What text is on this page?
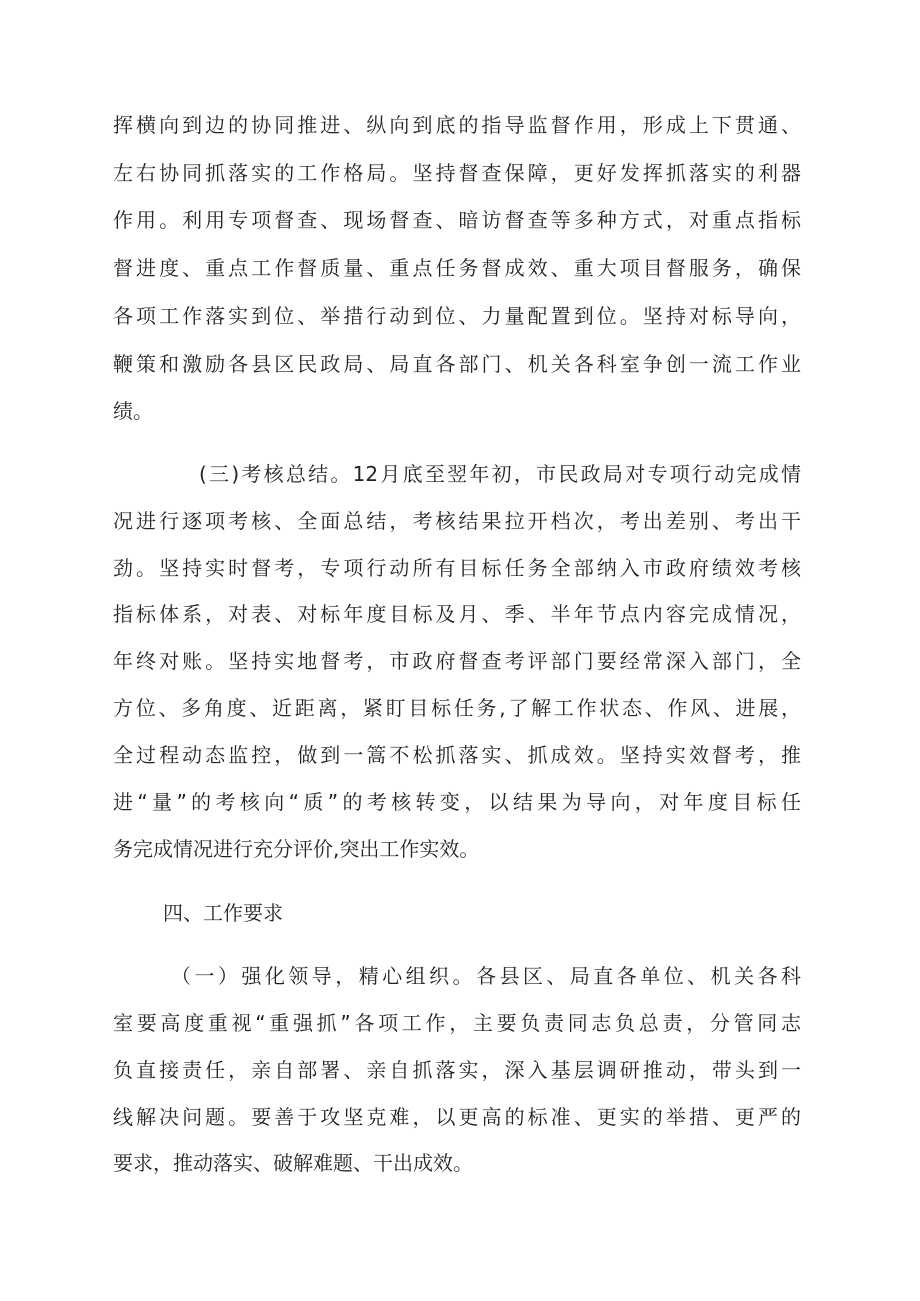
挥横向到边的协同推进、纵向到底的指导监督作用，形成上下贯通、
左右协同抓落实的工作格局。坚持督查保障，更好发挥抓落实的利器
作用。利用专项督查、现场督查、暗访督查等多种方式，对重点指标
督进度、重点工作督质量、重点任务督成效、重大项目督服务，确保
各项工作落实到位、举措行动到位、力量配置到位。坚持对标导向，
鞭策和激励各县区民政局、局直各部门、机关各科室争创一流工作业
绩。
(三)考核总结。12月底至翌年初，市民政局对专项行动完成情
况进行逐项考核、全面总结，考核结果拉开档次，考出差别、考出干
劲。坚持实时督考，专项行动所有目标任务全部纳入市政府绩效考核
指标体系，对表、对标年度目标及月、季、半年节点内容完成情况，
年终对账。坚持实地督考，市政府督查考评部门要经常深入部门，全
方位、多角度、近距离，紧盯目标任务,了解工作状态、作风、进展，
全过程动态监控，做到一篙不松抓落实、抓成效。坚持实效督考，推
进“量”的考核向“质”的考核转变，以结果为导向，对年度目标任
务完成情况进行充分评价,突出工作实效。
四、工作要求
（一）强化领导，精心组织。各县区、局直各单位、机关各科
室要高度重视“重强抓”各项工作，主要负责同志负总责，分管同志
负直接责任，亲自部署、亲自抓落实，深入基层调研推动，带头到一
线解决问题。要善于攻坚克难，以更高的标准、更实的举措、更严的
要求，推动落实、破解难题、干出成效。
